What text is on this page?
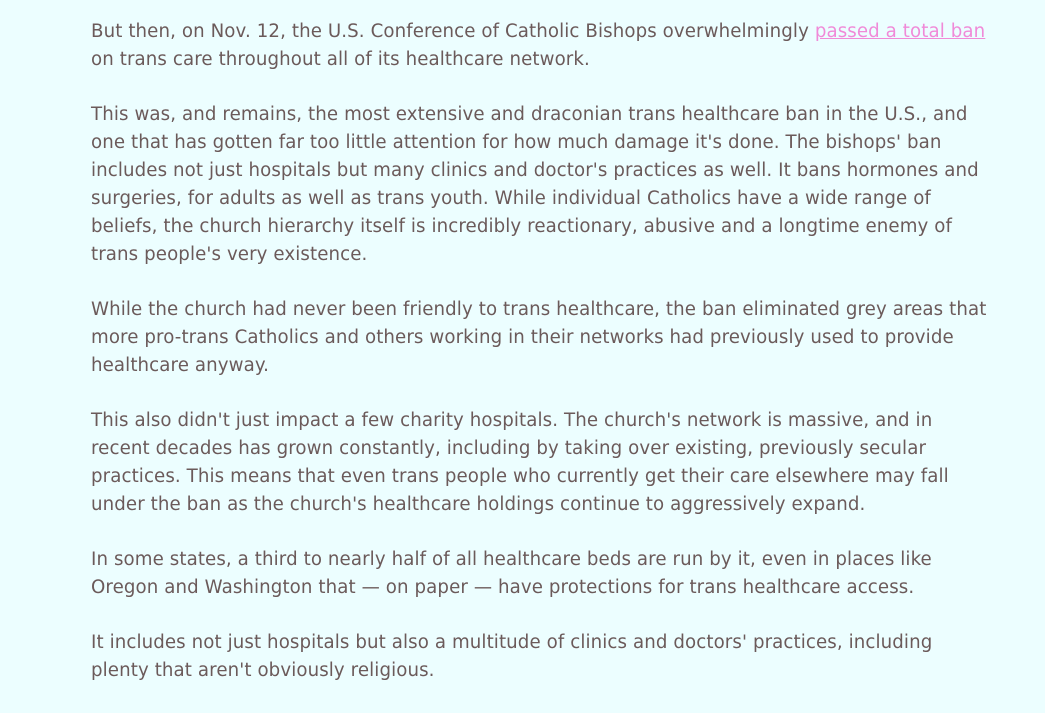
But then, on Nov. 12, the U.S. Conference of Catholic Bishops overwhelmingly passed a total ban on trans care throughout all of its healthcare network.

This was, and remains, the most extensive and draconian trans healthcare ban in the U.S., and one that has gotten far too little attention for how much damage it's done. The bishops' ban includes not just hospitals but many clinics and doctor's practices as well. It bans hormones and surgeries, for adults as well as trans youth. While individual Catholics have a wide range of beliefs, the church hierarchy itself is incredibly reactionary, abusive and a longtime enemy of trans people's very existence.

While the church had never been friendly to trans healthcare, the ban eliminated grey areas that more pro-trans Catholics and others working in their networks had previously used to provide healthcare anyway.

This also didn't just impact a few charity hospitals. The church's network is massive, and in recent decades has grown constantly, including by taking over existing, previously secular practices. This means that even trans people who currently get their care elsewhere may fall under the ban as the church's healthcare holdings continue to aggressively expand.

In some states, a third to nearly half of all healthcare beds are run by it, even in places like Oregon and Washington that — on paper — have protections for trans healthcare access.

It includes not just hospitals but also a multitude of clinics and doctors' practices, including plenty that aren't obviously religious.
